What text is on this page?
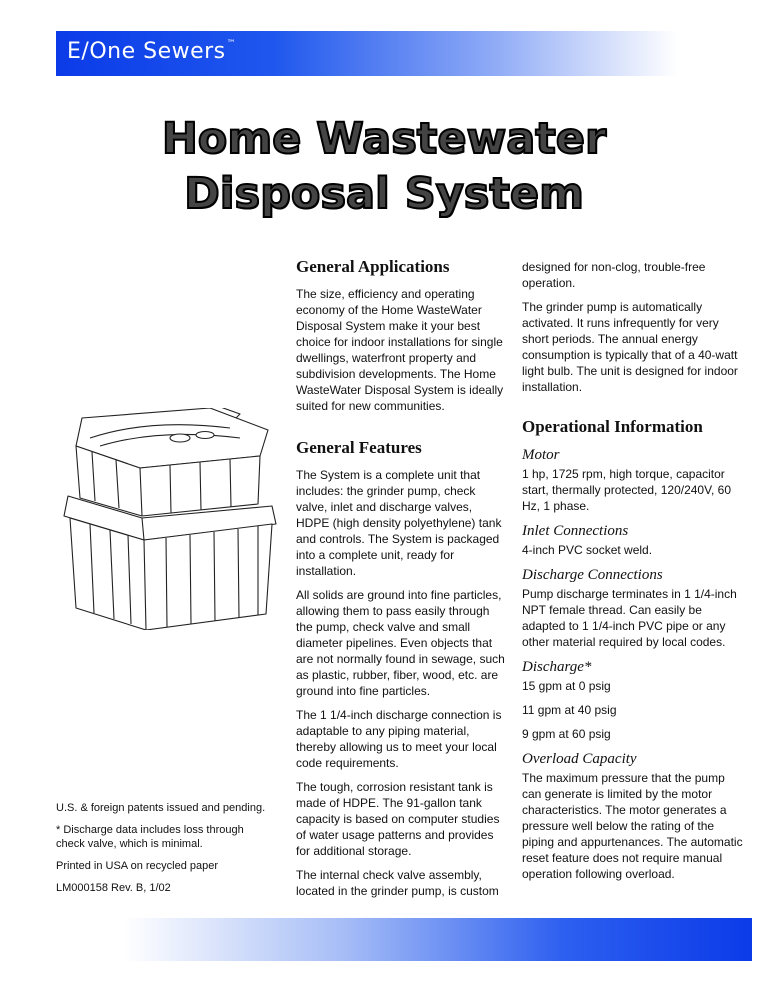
E/One Sewers™
Home Wastewater
Disposal System
General Applications

The size, efficiency and operating economy of the Home WasteWater Disposal System make it your best choice for indoor installations for single dwellings, waterfront property and subdivision developments. The Home WasteWater Disposal System is ideally suited for new communities.

General Features

The System is a complete unit that includes: the grinder pump, check valve, inlet and discharge valves, HDPE (high density polyethylene) tank and controls. The System is packaged into a complete unit, ready for installation.

All solids are ground into fine particles, allowing them to pass easily through the pump, check valve and small diameter pipelines. Even objects that are not normally found in sewage, such as plastic, rubber, fiber, wood, etc. are ground into fine particles.

The 1 1/4-inch discharge connection is adaptable to any piping material, thereby allowing us to meet your local code requirements.

The tough, corrosion resistant tank is made of HDPE. The 91-gallon tank capacity is based on computer studies of water usage patterns and provides for additional storage.

The internal check valve assembly, located in the grinder pump, is custom

designed for non-clog, trouble-free operation.

The grinder pump is automatically activated. It runs infrequently for very short periods. The annual energy consumption is typically that of a 40-watt light bulb. The unit is designed for indoor installation.

Operational Information
Motor

1 hp, 1725 rpm, high torque, capacitor start, thermally protected, 120/240V, 60 Hz, 1 phase.

Inlet Connections

4-inch PVC socket weld.

Discharge Connections

Pump discharge terminates in 1 1/4-inch NPT female thread. Can easily be adapted to 1 1/4-inch PVC pipe or any other material required by local codes.

Discharge*

15 gpm at 0 psig

11 gpm at 40 psig

9 gpm at 60 psig

Overload Capacity

The maximum pressure that the pump can generate is limited by the motor characteristics. The motor generates a pressure well below the rating of the piping and appurtenances. The automatic reset feature does not require manual operation following overload.

U.S. & foreign patents issued and pending.

* Discharge data includes loss through check valve, which is minimal.

Printed in USA on recycled paper

LM000158 Rev. B, 1/02
